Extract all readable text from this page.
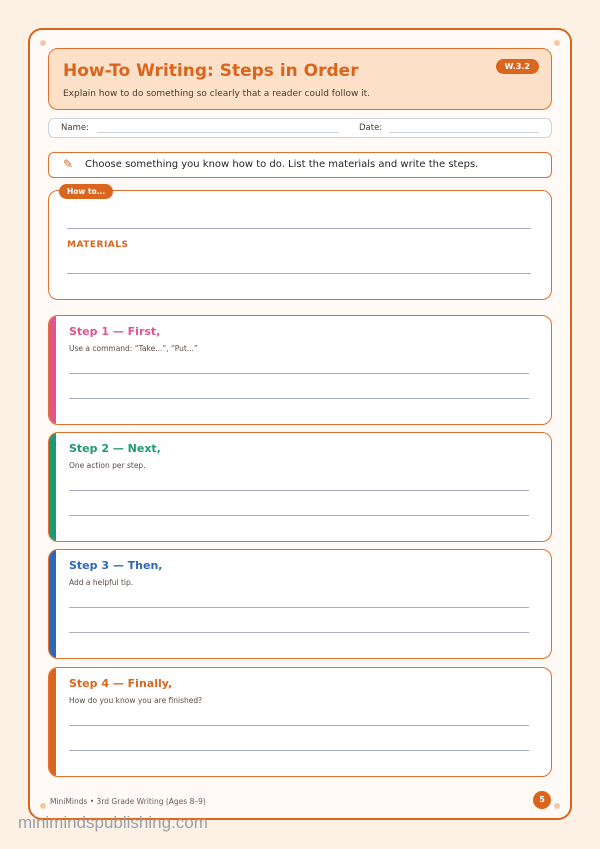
How-To Writing: Steps in Order
Explain how to do something so clearly that a reader could follow it.
W.3.2
Name:	Date:
✎ Choose something you know how to do. List the materials and write the steps.
MATERIALS
How to...
Step 1 — First,
Use a command: “Take...”, “Put...”
Step 2 — Next,
One action per step.
Step 3 — Then,
Add a helpful tip.
Step 4 — Finally,
How do you know you are finished?
MiniMinds • 3rd Grade Writing (Ages 8–9)	5
minimindspublishing.com
